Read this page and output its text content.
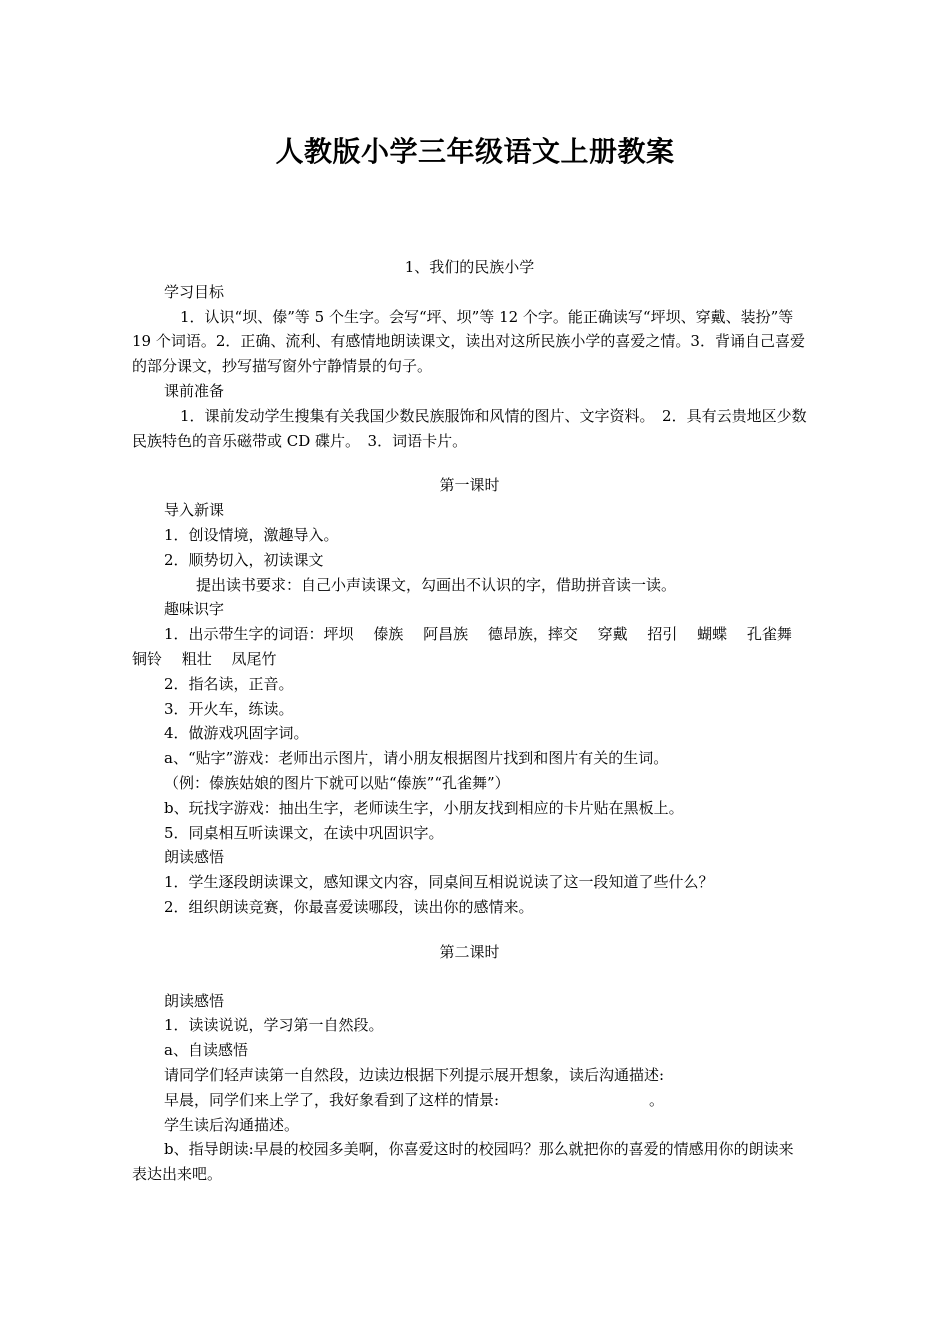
人教版小学三年级语文上册教案
1、我们的民族小学
学习目标
1．认识“坝、傣”等 5 个生字。会写“坪、坝”等 12 个字。能正确读写“坪坝、穿戴、装扮”等 19 个词语。2．正确、流利、有感情地朗读课文，读出对这所民族小学的喜爱之情。3．背诵自己喜爱的部分课文，抄写描写窗外宁静情景的句子。
课前准备
1．课前发动学生搜集有关我国少数民族服饰和风情的图片、文字资料。　2．具有云贵地区少数民族特色的音乐磁带或 CD 碟片。　3．词语卡片。
第一课时
导入新课
1．创设情境，激趣导入。
2．顺势切入，初读课文
提出读书要求：自己小声读课文，勾画出不认识的字，借助拼音读一读。
趣味识字
1．出示带生字的词语：坪坝　 傣族　 阿昌族　 德昂族，摔交　 穿戴　 招引　 蝴蝶　 孔雀舞　 铜铃　 粗壮　 凤尾竹
2．指名读，正音。
3．开火车，练读。
4．做游戏巩固字词。
a、“贴字”游戏：老师出示图片，请小朋友根据图片找到和图片有关的生词。
（例：傣族姑娘的图片下就可以贴“傣族”“孔雀舞”）
b、玩找字游戏：抽出生字，老师读生字，小朋友找到相应的卡片贴在黑板上。
5．同桌相互听读课文，在读中巩固识字。
朗读感悟
1．学生逐段朗读课文，感知课文内容，同桌间互相说说读了这一段知道了些什么？
2．组织朗读竞赛，你最喜爱读哪段，读出你的感情来。
第二课时
朗读感悟
1．读读说说，学习第一自然段。
a、自读感悟
请同学们轻声读第一自然段，边读边根据下列提示展开想象，读后沟通描述:
早晨，同学们来上学了，我好象看到了这样的情景:　　　　　　　　　　。
学生读后沟通描述。
b、指导朗读:早晨的校园多美啊，你喜爱这时的校园吗？那么就把你的喜爱的情感用你的朗读来表达出来吧。
